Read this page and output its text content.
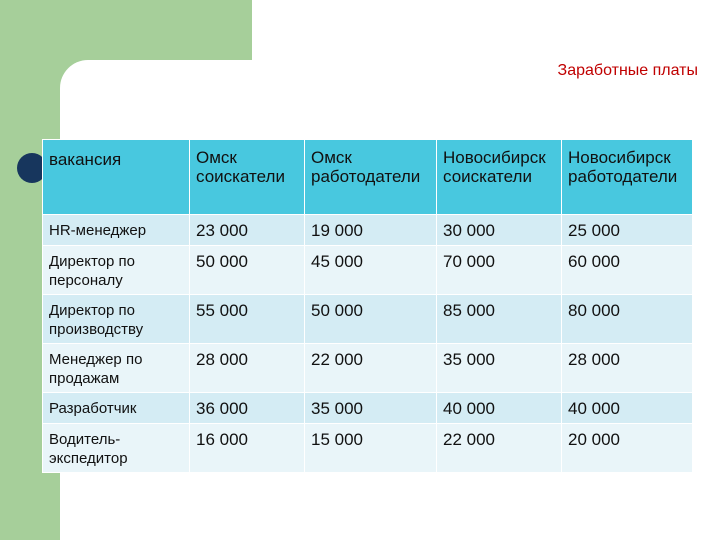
Заработные платы
вакансия	Омск соискатели	Омск работодатели	Новосибирск соискатели	Новосибирск работодатели
HR-менеджер	23 000	19 000	30 000	25 000
Директор по персоналу	50 000	45 000	70 000	60 000
Директор по производству	55 000	50 000	85 000	80 000
Менеджер по продажам	28 000	22 000	35 000	28 000
Разработчик	36 000	35 000	40 000	40 000
Водитель-экспедитор	16 000	15 000	22 000	20 000
